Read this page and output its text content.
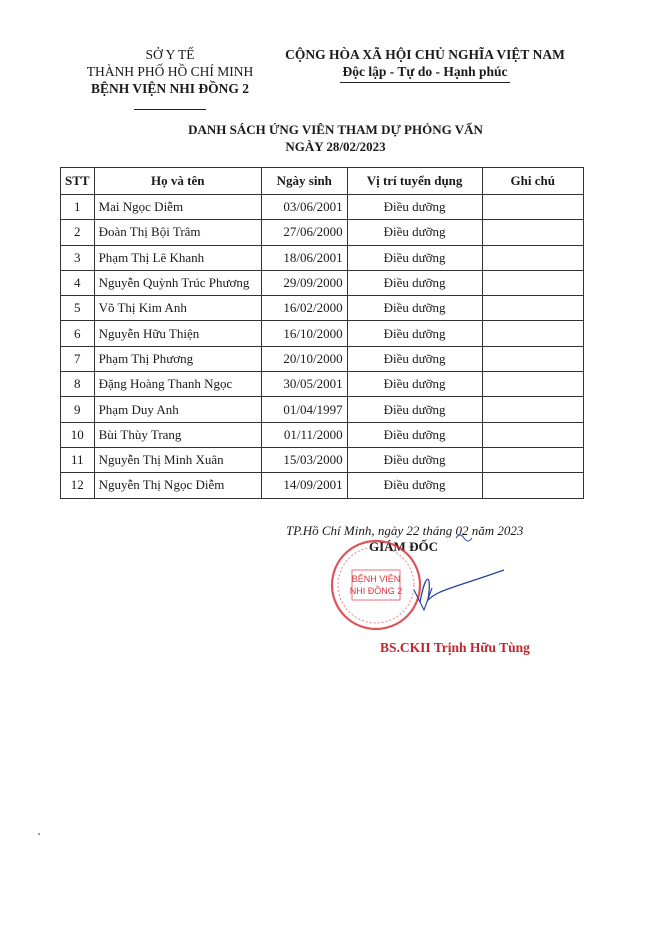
SỞ Y TẾ
THÀNH PHỐ HỒ CHÍ MINH
BỆNH VIỆN NHI ĐỒNG 2
CỘNG HÒA XÃ HỘI CHỦ NGHĨA VIỆT NAM
Độc lập - Tự do - Hạnh phúc
DANH SÁCH ỨNG VIÊN THAM DỰ PHỎNG VẤN
NGÀY 28/02/2023
STT	Họ và tên	Ngày sinh	Vị trí tuyển dụng	Ghi chú
1	Mai Ngọc Diễm	03/06/2001	Điều dưỡng	
2	Đoàn Thị Bội Trâm	27/06/2000	Điều dưỡng	
3	Phạm Thị Lê Khanh	18/06/2001	Điều dưỡng	
4	Nguyễn Quỳnh Trúc Phương	29/09/2000	Điều dưỡng	
5	Võ Thị Kim Anh	16/02/2000	Điều dưỡng	
6	Nguyễn Hữu Thiện	16/10/2000	Điều dưỡng	
7	Phạm Thị Phương	20/10/2000	Điều dưỡng	
8	Đặng Hoàng Thanh Ngọc	30/05/2001	Điều dưỡng	
9	Phạm Duy Anh	01/04/1997	Điều dưỡng	
10	Bùi Thùy Trang	01/11/2000	Điều dưỡng	
11	Nguyễn Thị Minh Xuân	15/03/2000	Điều dưỡng	
12	Nguyễn Thị Ngọc Diễm	14/09/2001	Điều dưỡng	
TP.Hồ Chí Minh, ngày 22 tháng 02 năm 2023
GIÁM ĐỐC
BỆNH VIỆN
NHI ĐỒNG 2
BS.CKII Trịnh Hữu Tùng
